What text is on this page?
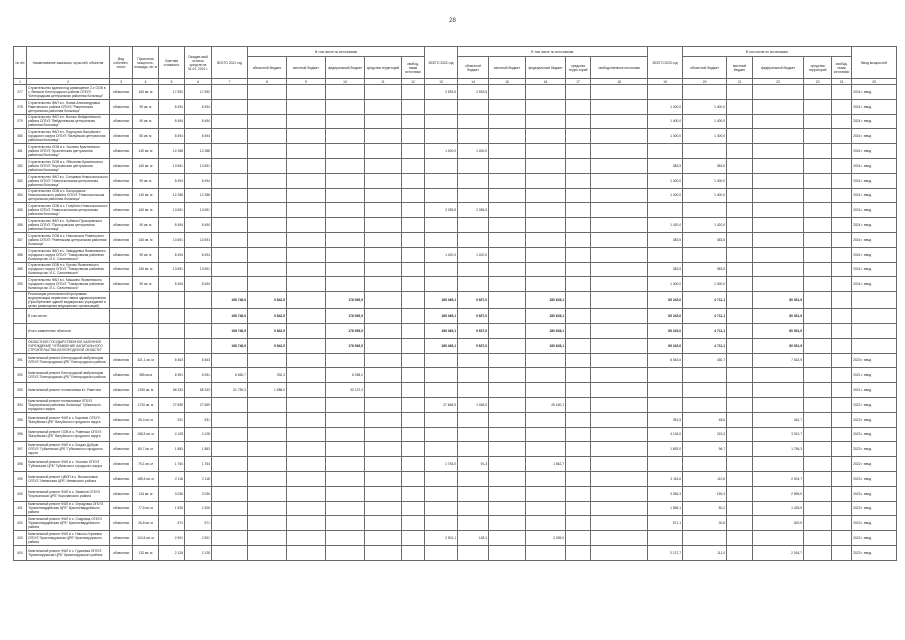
28
№ п/п	Наименование заказчика, отраслей, объектов	Вид собствен-ности	Проектная мощность, площадь, кв. м	Сметная стоимость	Ожидае-мый остаток средств на 01.01. 2021 г.	ВСЕГО 2021 год	В том числе по источникам					ВСЕГО 2022 год	В том числе по источникам:					ВСЕГО 2023 год	В том числе по источникам:					Ввод мощностей
							областной бюджет	местный бюджет	федеральный бюджет	средства территорий	свобод-ными источники		областной бюджет	местный бюджет	федеральный бюджет	средства терри-торий	свободственные источники		областной бюджет	местный бюджет	федеральный бюджет	средства территорий	свобод-ными источники	
1	2	3	4	5	6	7	8	9	10	11	12	13	14	15	16	17	18	19	20	21	22	23	24	25
377	Строительство здания под размещение 2-х ООВ в с. Великое Белгородского района ОГБУЗ "Белгородская центральная районная больница"	областная	160 кв. м	17 592	17 592							2 593,5	2 593,5											2024 г. ввод
378	Строительство ФАП в с. Новая Александровка Ракитянского района ОГБУЗ "Ракитянская центральная районная больница"	областная	90 кв. м	8 494	8 494													1 400,0	1 400,0					2024 г. ввод
379	Строительство ФАП в с. Волчье Вейделевского района ОГБУЗ "Вейделевская центральная районная больница"	областная	90 кв. м	8 494	8 494													1 400,0	1 400,0					2024 г. ввод
380	Строительство ФАП в с. Подгорное Валуйского городского округа ОГБУЗ "Валуйская центральная районная больница"	областная	80 кв. м	8 494	8 494													1 400,0	1 400,0					2024 г. ввод
381	Строительство ООВ в с. Уколово Красненского района ОГБУЗ "Красненская центральная районная больница"	областная	140 кв. м	12 288	12 288							1 400,0	1 400,0											2024 г. ввод
382	Строительство ООВ в с. Яблоново Красненского района ОГБУЗ "Корочанская центральная районная больница"	областная	160 кв. м	13 691	13 691													383,5	383,5					2024 г. ввод
383	Строительство ФАП в с. Сонцевка Новооскольского района ОГБУЗ "Новооскольская центральная районная больница"	областная	90 кв. м	8 494	8 494													1 400,0	1 400,0					2024 г. ввод
384	Строительство ООВ в с. Богородское Новооскольского района ОГБУЗ "Новооскольская центральная районная больница"	областная	140 кв. м	12 288	12 288													1 400,0	1 400,0					2024 г. ввод
385	Строительство ООВ в с. Голубино Новооскольского района ОГБУЗ "Новооскольская центральная районная больница"	областная	160 кв. м	13 691	13 691							2 055,5	2 055,5											2024 г. ввод
386	Строительство ФАП в с. Лубянки Прохоровского района ОГБУЗ "Прохоровская центральная районная больница"	областная	90 кв. м	8 494	8 494													1 420,0	1 420,0					2024 г. ввод
387	Строительство ООВ в с. Никольское Ровеньского района ОГБУЗ "Ровеньская центральная районная больница"	областная	160 кв. м	13 691	13 691													383,5	383,5					2024 г. ввод
388	Строительство ФАП в с. Заводцевка Яковлевского городского округа ОГБУЗ "Томаровская районная больница им. И.С. Сальтевского"	областная	90 кв. м	8 494	8 494							1 420,0	1 420,0											2024 г. ввод
389	Строительство ООВ в с. Бутово Яковлевского городского округа ОГБУЗ "Томаровская районная больница им. И.С. Сальтевского"	областная	160 кв. м	13 691	13 691													383,5	383,5					2024 г. ввод
390	Строительство ФАП в с. Машкино Яковлевского городского округа ОГБУЗ "Томаровская районная больница им. И.С. Сальтевского"	областная	90 кв. м	8 494	8 494													1 400,0	1 400,0					2024 г. ввод
	Реализация региональной программы модернизации первичного звена здравоохранения (Приобретение зданий медицинских учреждений в целях размещения медицинских организаций)					198 746,9	9 842,5		178 993,5			189 465,1	9 837,0		180 628,1			85 243,0	4 711,1		80 531,9			
	В том числе:					198 746,9	9 842,5		178 993,5			189 465,1	9 837,0		180 628,1			85 243,0	4 711,1		80 531,9			
	Итого заявленных объектов					198 746,9	9 842,5		178 993,5			189 465,1	9 837,0		180 628,1			85 243,0	4 711,1		80 531,9			
	ОБЛАСТНОЕ ГОСУДАРСТВЕННОЕ КАЗЕННОЕ УЧРЕЖДЕНИЕ "УПРАВЛЕНИЕ КАПИТАЛЬНОГО СТРОИТЕЛЬСТВА БЕЛГОРОДСКОЙ ОБЛАСТИ"					198 746,9	9 842,5		178 993,5			189 465,1	9 837,0		180 628,1			85 243,0	4 711,1		80 531,9			
391	Капитальный ремонт Белгородской амбулатории ОГБУЗ "Белгородская ЦРБ" Белгородского района	областная	421,1 кв. м	6 463	6 463													8 063,6	430,7		7 632,9			2023 г. ввод
392	Капитальный ремонт Белгородской амбулатории ОГБУЗ "Белгородская ЦРБ" Белгородского района	областная	385 кв.м	6 951	6 951	6 660,7	332,3		6 258,2															2021 г. ввод
393	Капитальный ремонт поликлиники в г. Ракитное	областная	1390 кв. м	58 333	58 333	31 790,3	1 588,0		30 137,3															2021 г. ввод
394	Капитальный ремонт поликлиники ОГБУЗ "Бирючанская районная больница" Губкинского городского округа	областная	1720 кв. м	27 659	27 659							27 666,9	1 456,0		26 160,1									2022 г. ввод
395	Капитальный ремонт ФАП в с. Боровое ОГБУЗ "Валуйская ЦРБ" Валуйского городского округа	областная	45,4 кв. м	931	931													351,5	48,6		442,7			2023 г. ввод
396	Капитальный ремонт ООВ в с. Ровеньки ОГБУЗ "Валуйская ЦРБ" Валуйского городского округа	областная	168,5 кв. м	4 128	4 128													4 126,0	215,3		3 910,7			2023 г. ввод
397	Капитальный ремонт ФАП в с. Богдан Дубров ОГБУЗ "Губкинская ЦРБ" Губкинского городского округа	областная	80,7 кв. м	1 883	1 883													1 853,0	96,7		1 756,3			2023 г. ввод
398	Капитальный ремонт ФАП в с. Уколово ОГБУЗ "Губкинская ЦРБ" Губкинского городского округа	областная	75,1 кв. м	1 764	1 764							1 754,0	91,3		1 662,7									2022 г. ввод
399	Капитальный ремонт ЦВОП в с. Волоконовка ОГБУЗ "Ивнянская ЦРБ" Ивнянского района	областная	185,5 кв. м	2 118	2 118													2 116,6	110,6		2 004,7			2023 г. ввод
400	Капитальный ремонт ФАП в с. Заяжели ОГБУЗ "Корочанская ЦРБ" Корочанского района	областная	134 кв. м	3 036	3 036													3 056,3	159,3		2 896,9			2023 г. ввод
401	Капитальный ремонт ФАП в с. Отрадовка ОГБУЗ "Красногвардейская ЦРБ" Красногвардейского района	областная	77,5 кв. м	1 526	1 526													1 556,1	80,2		1 425,9			2023 г. ввод
402	Капитальный ремонт ФАП в с. Стадница ОГБУЗ "Красногвардейская ЦРБ" Красногвардейского района	областная	26,8 кв. м	571	571													571,1	30,6		520,5			2023 г. ввод
403	Капитальный ремонт ФАП в с. Николо-Гореевка ОГБУЗ "Краснояружская ЦРБ" Краснояружского района	областная	104,6 кв. м	2 901	2 901							2 901,1	148,1		2 055,0									2022 г. ввод
404	Капитальный ремонт ФАП в с. Грушевка ОГБУЗ "Краснояружская ЦРБ" Краснояружского района	областная	132 кв. м	2 128	2 128													2 127,7	111,0		2 016,7			2023 г. ввод
